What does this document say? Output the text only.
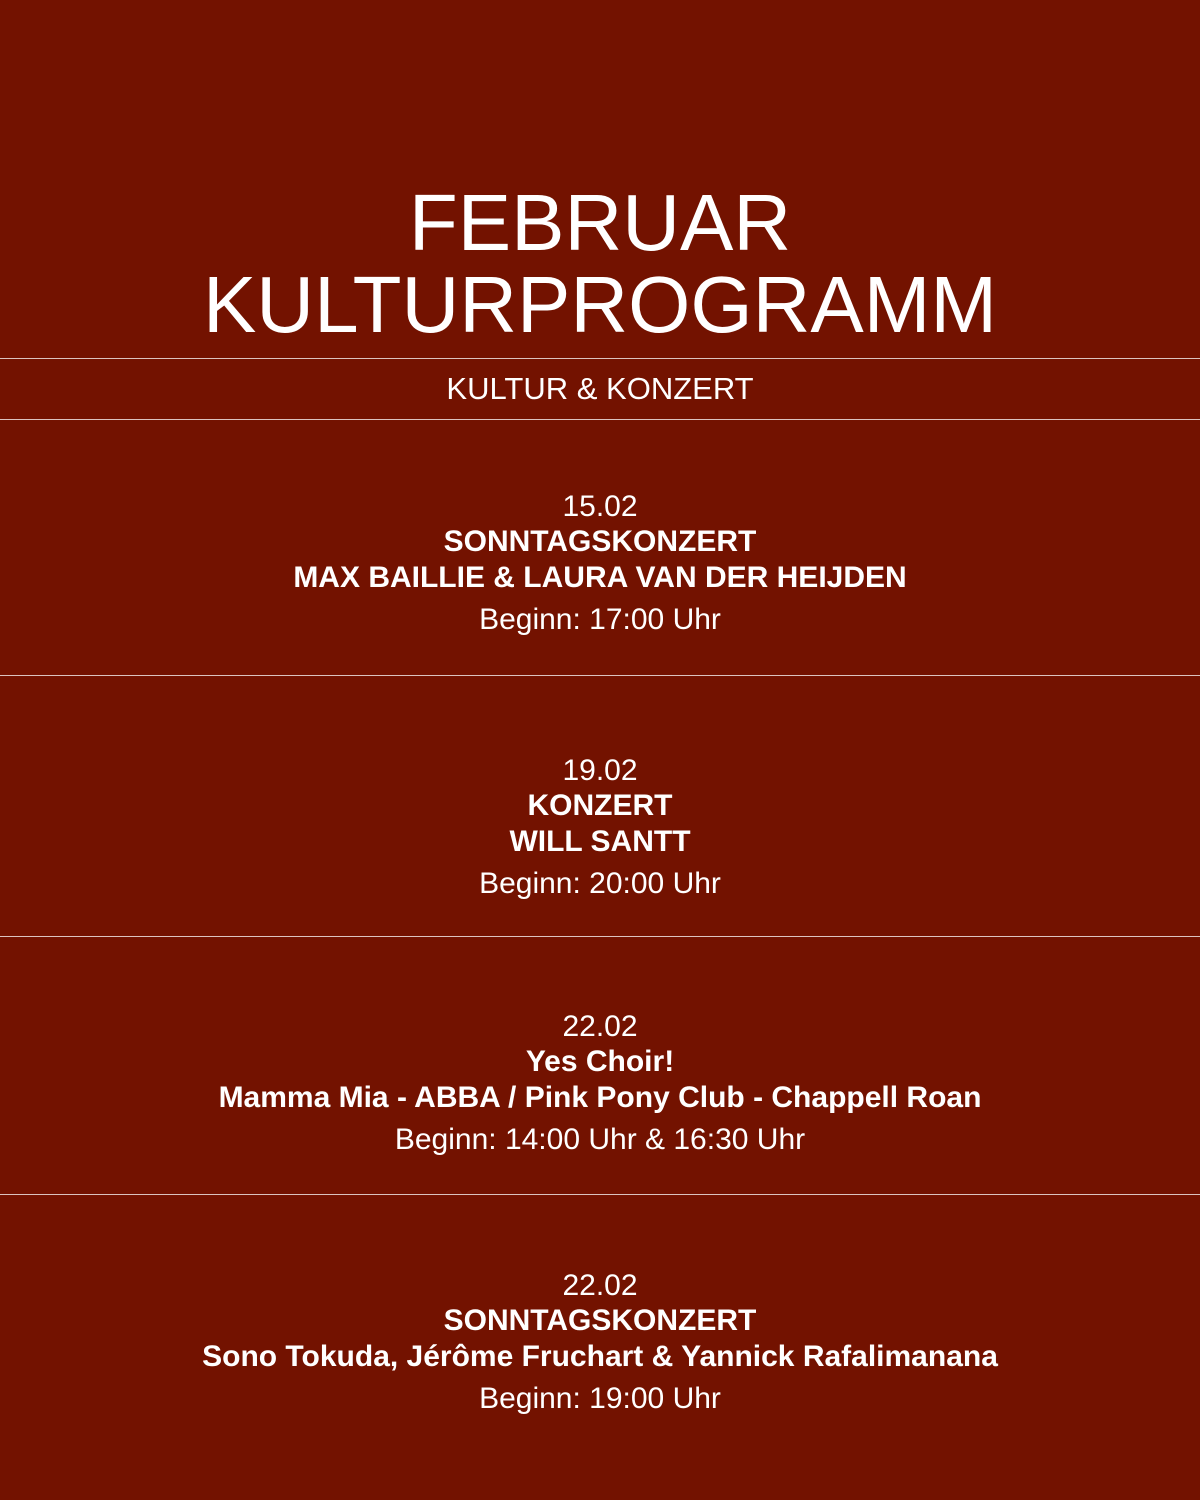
FEBRUAR
KULTURPROGRAMM
KULTUR & KONZERT
15.02
SONNTAGSKONZERT
MAX BAILLIE & LAURA VAN DER HEIJDEN
Beginn: 17:00 Uhr
19.02
KONZERT
WILL SANTT
Beginn: 20:00 Uhr
22.02
Yes Choir!
Mamma Mia - ABBA / Pink Pony Club - Chappell Roan
Beginn: 14:00 Uhr & 16:30 Uhr
22.02
SONNTAGSKONZERT
Sono Tokuda, Jérôme Fruchart & Yannick Rafalimanana
Beginn: 19:00 Uhr
